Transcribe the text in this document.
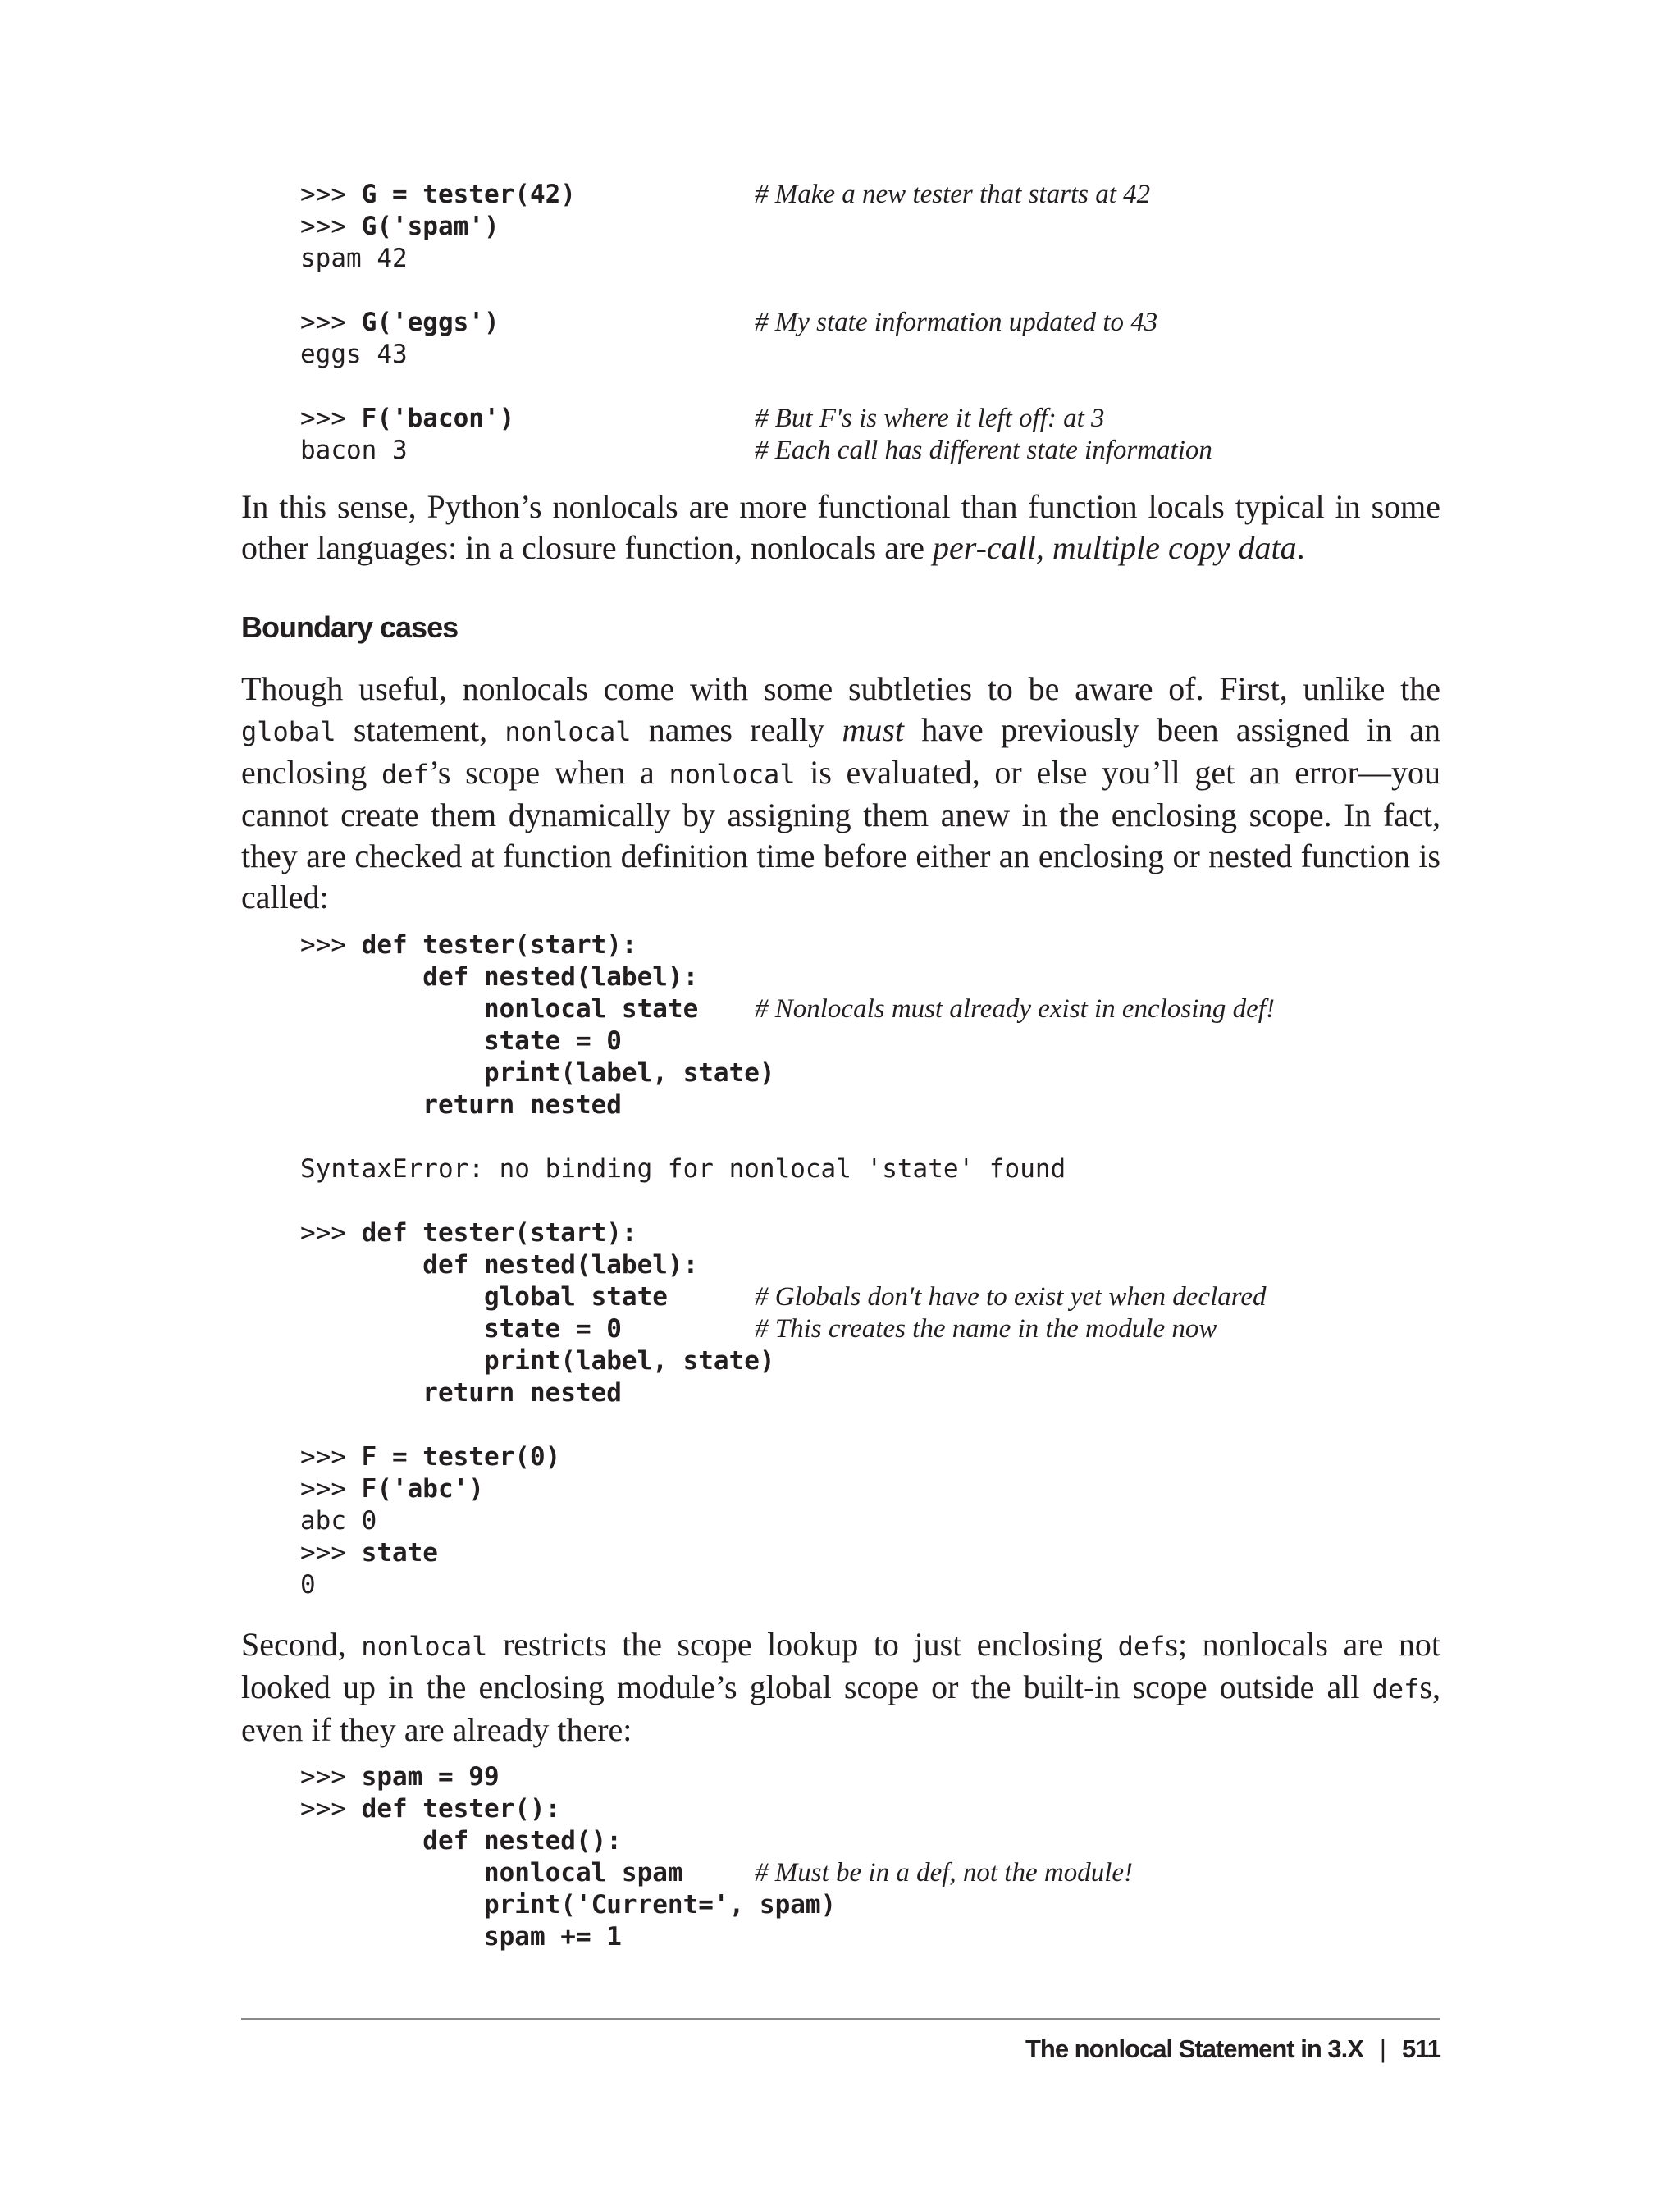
>>> G = tester(42)	# Make a new tester that starts at 42
>>> G('spam')
spam 42
>>> G('eggs')	# My state information updated to 43
eggs 43
>>> F('bacon')	# But F's is where it left off: at 3
bacon 3	# Each call has different state information

In this sense, Python’s nonlocals are more functional than function locals typical in some other languages: in a closure function, nonlocals are per-call, multiple copy data.

Boundary cases

Though useful, nonlocals come with some subtleties to be aware of. First, unlike the global statement, nonlocal names really must have previously been assigned in an enclosing def’s scope when a nonlocal is evaluated, or else you’ll get an error—you cannot create them dynamically by assigning them anew in the enclosing scope. In fact, they are checked at function definition time before either an enclosing or nested function is called:

>>> def tester(start):
def nested(label):
nonlocal state # Nonlocals must already exist in enclosing def!
state = 0
print(label, state)
return nested
SyntaxError: no binding for nonlocal 'state' found
>>> def tester(start):
def nested(label):
global state	# Globals don't have to exist yet when declared
state = 0	# This creates the name in the module now
print(label, state)
return nested
>>> F = tester(0)
>>> F('abc')
abc 0
>>> state
0

Second, nonlocal restricts the scope lookup to just enclosing defs; nonlocals are not looked up in the enclosing module’s global scope or the built-in scope outside all defs, even if they are already there:

>>> spam = 99
>>> def tester():
def nested():
nonlocal spam	# Must be in a def, not the module!
print('Current=', spam)
spam += 1
The nonlocal Statement in 3.X | 511
